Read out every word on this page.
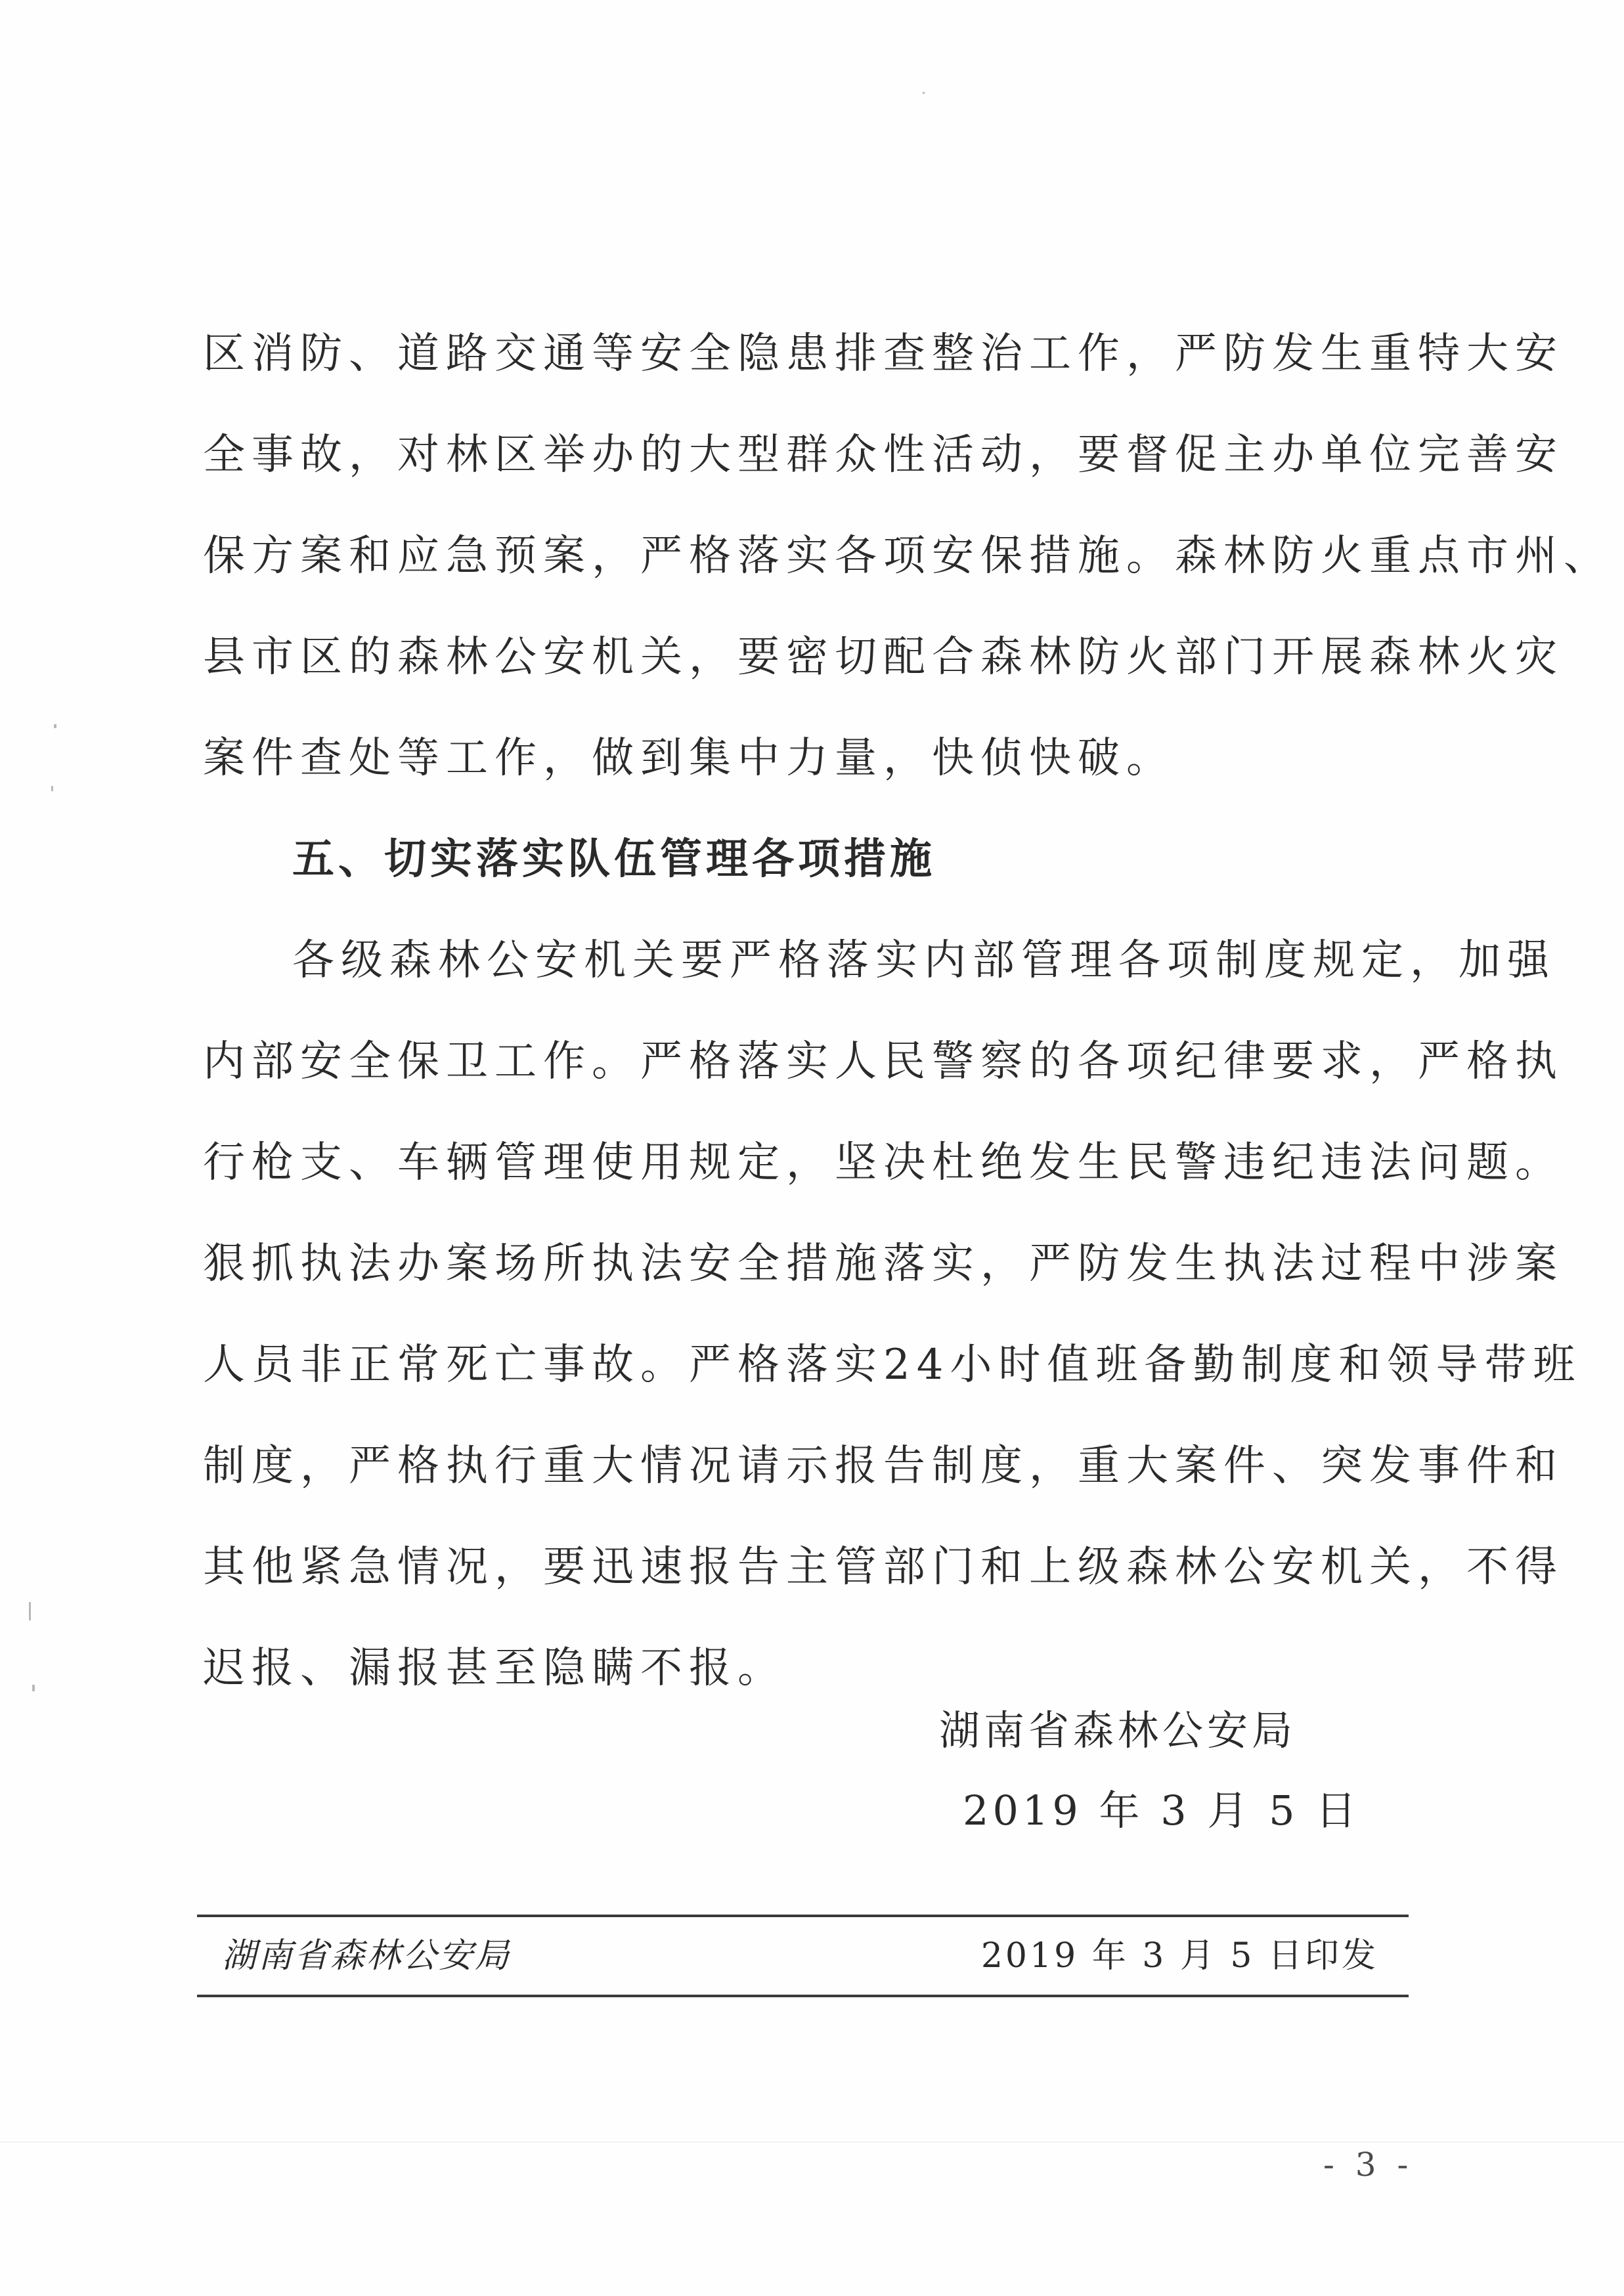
区消防、道路交通等安全隐患排查整治工作，严防发生重特大安
全事故，对林区举办的大型群众性活动，要督促主办单位完善安
保方案和应急预案，严格落实各项安保措施。森林防火重点市州、
县市区的森林公安机关，要密切配合森林防火部门开展森林火灾
案件查处等工作，做到集中力量，快侦快破。
五、切实落实队伍管理各项措施
各级森林公安机关要严格落实内部管理各项制度规定，加强
内部安全保卫工作。严格落实人民警察的各项纪律要求，严格执
行枪支、车辆管理使用规定，坚决杜绝发生民警违纪违法问题。
狠抓执法办案场所执法安全措施落实，严防发生执法过程中涉案
人员非正常死亡事故。严格落实24小时值班备勤制度和领导带班
制度，严格执行重大情况请示报告制度，重大案件、突发事件和
其他紧急情况，要迅速报告主管部门和上级森林公安机关，不得
迟报、漏报甚至隐瞒不报。
湖南省森林公安局
2019 年 3 月 5 日
湖南省森林公安局	2019 年 3 月 5 日印发
- 3 -
